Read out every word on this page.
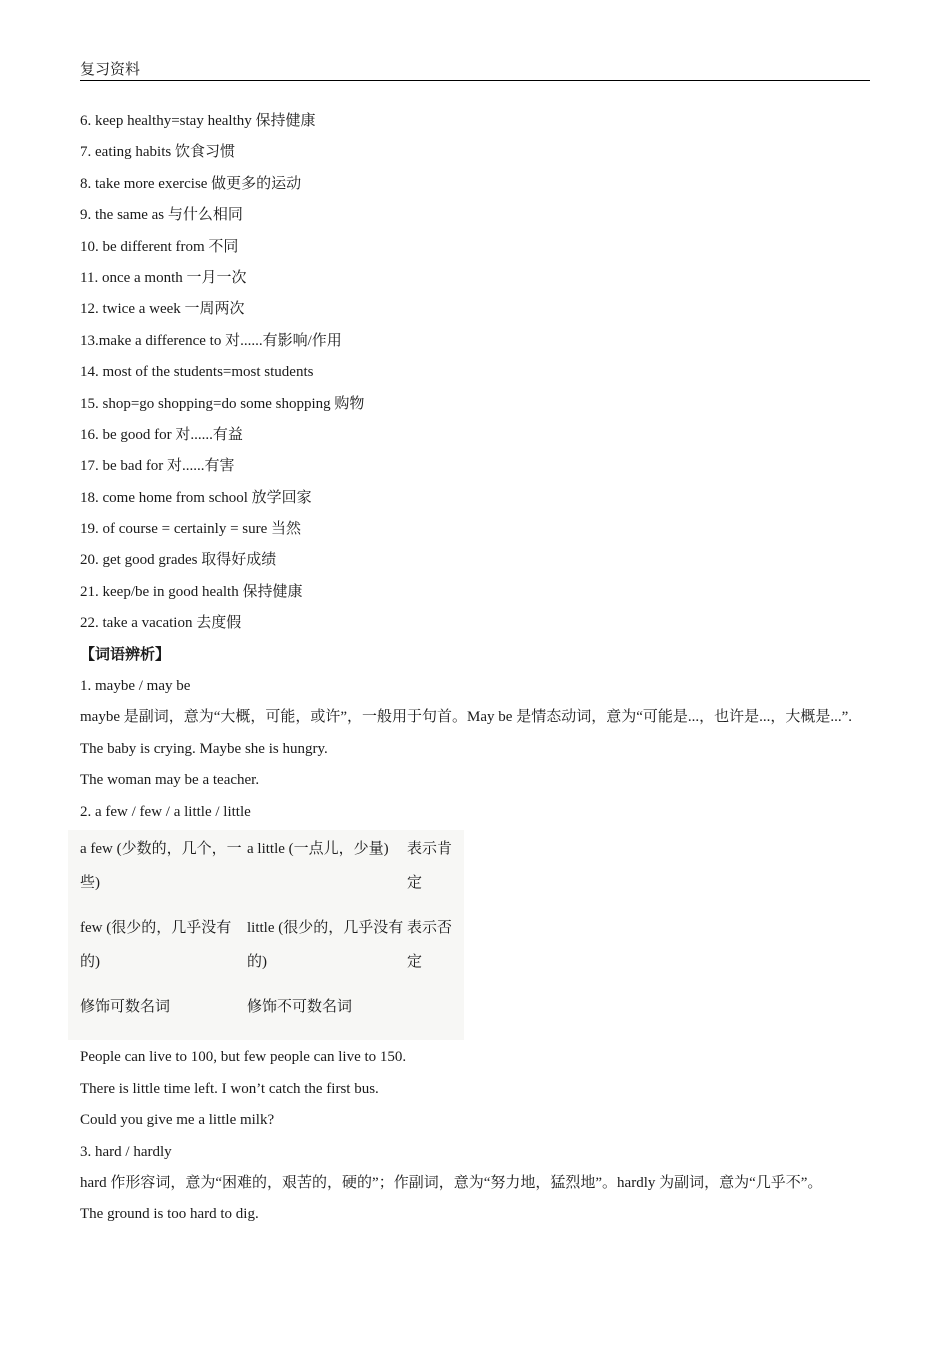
复习资料
6. keep healthy=stay healthy 保持健康
7. eating habits 饮食习惯
8. take more exercise 做更多的运动
9. the same as 与什么相同
10. be different from 不同
11. once a month 一月一次
12. twice a week 一周两次
13.make a difference to 对......有影响/作用
14. most of the students=most students
15. shop=go shopping=do some shopping 购物
16. be good for 对......有益
17. be bad for 对......有害
18. come home from school 放学回家
19. of course = certainly = sure 当然
20. get good grades 取得好成绩
21. keep/be in good health 保持健康
22. take a vacation 去度假
【词语辨析】
1. maybe / may be
maybe 是副词，意为“大概，可能，或许”，一般用于句首。May be 是情态动词，意为“可能是...，也许是...，大概是...”.
The baby is crying. Maybe she is hungry.
The woman may be a teacher.
2. a few / few / a little / little
a few (少数的，几个，一些)	a little (一点儿，少量)	表示肯定
few (很少的，几乎没有的)	little (很少的，几乎没有的)	表示否定
修饰可数名词	修饰不可数名词	
People can live to 100, but few people can live to 150.
There is little time left. I won’t catch the first bus.
Could you give me a little milk?
3. hard / hardly
hard 作形容词，意为“困难的，艰苦的，硬的”；作副词，意为“努力地，猛烈地”。hardly 为副词，意为“几乎不”。
The ground is too hard to dig.
